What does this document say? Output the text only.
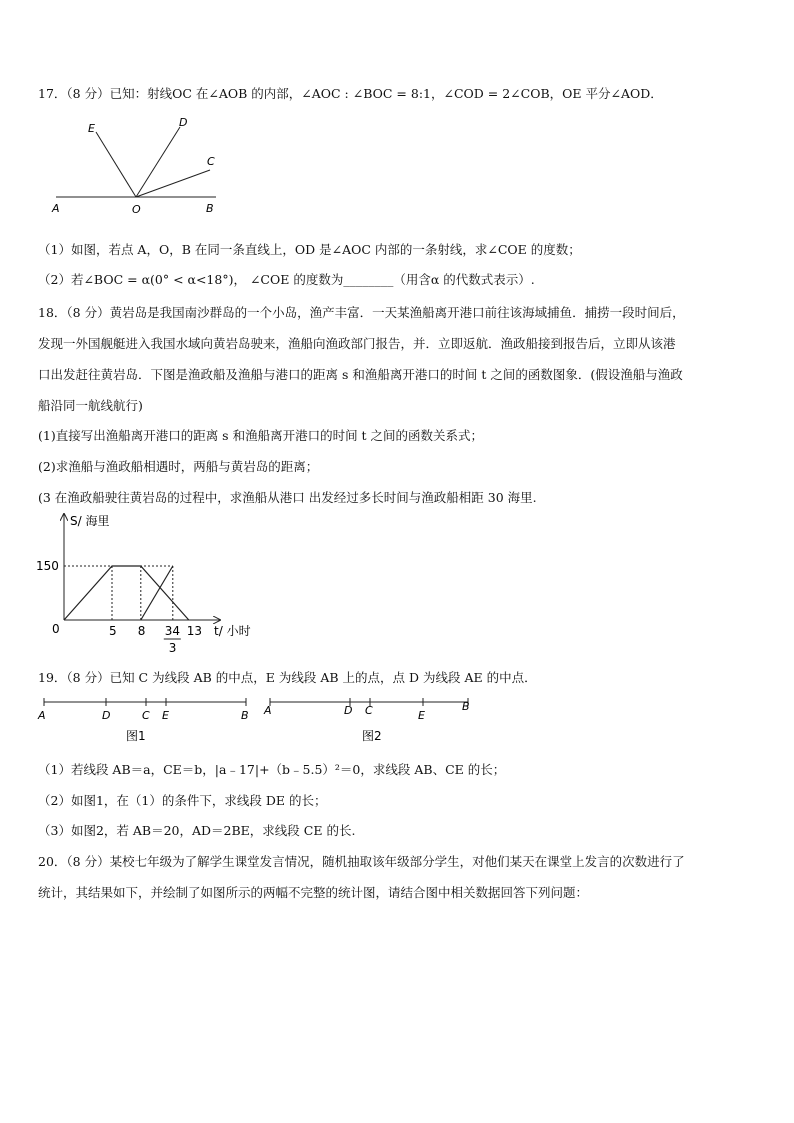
17．（8 分）已知：射线OC 在∠AOB 的内部，∠AOC : ∠BOC = 8:1，∠COD = 2∠COB，OE 平分∠AOD．
E	D
C
A	O	B
（1）如图，若点 A，O，B 在同一条直线上，OD 是∠AOC 内部的一条射线，求∠COE 的度数；
（2）若∠BOC = α(0° < α<18°)， ∠COE 的度数为________（用含α 的代数式表示）.
18．（8 分）黄岩岛是我国南沙群岛的一个小岛，渔产丰富．一天某渔船离开港口前往该海域捕鱼．捕捞一段时间后，
发现一外国舰艇进入我国水域向黄岩岛驶来，渔船向渔政部门报告，并．立即返航．渔政船接到报告后，立即从该港
口出发赶往黄岩岛．下图是渔政船及渔船与港口的距离 s 和渔船离开港口的时间 t 之间的函数图象．(假设渔船与渔政
船沿同一航线航行)
(1)直接写出渔船离开港口的距离 s 和渔船离开港口的时间 t 之间的函数关系式；
(2)求渔船与渔政船相遇时，两船与黄岩岛的距离；
(3 在渔政船驶往黄岩岛的过程中，求渔船从港口 出发经过多长时间与渔政船相距 30 海里.
S/ 海里
t/ 小时
0
150
5 8	13
34
3
19．（8 分）已知 C 为线段 AB 的中点，E 为线段 AB 上的点，点 D 为线段 AE 的中点．
A	D	C E	B
图1
A	D C	E
B
图2
（1）若线段 AB＝a，CE＝b，|a﹣17|+（b﹣5.5）²＝0，求线段 AB、CE 的长；
（2）如图1，在（1）的条件下，求线段 DE 的长；
（3）如图2，若 AB＝20，AD＝2BE，求线段 CE 的长.
20．（8 分）某校七年级为了解学生课堂发言情况，随机抽取该年级部分学生，对他们某天在课堂上发言的次数进行了
统计，其结果如下，并绘制了如图所示的两幅不完整的统计图，请结合图中相关数据回答下列问题：
